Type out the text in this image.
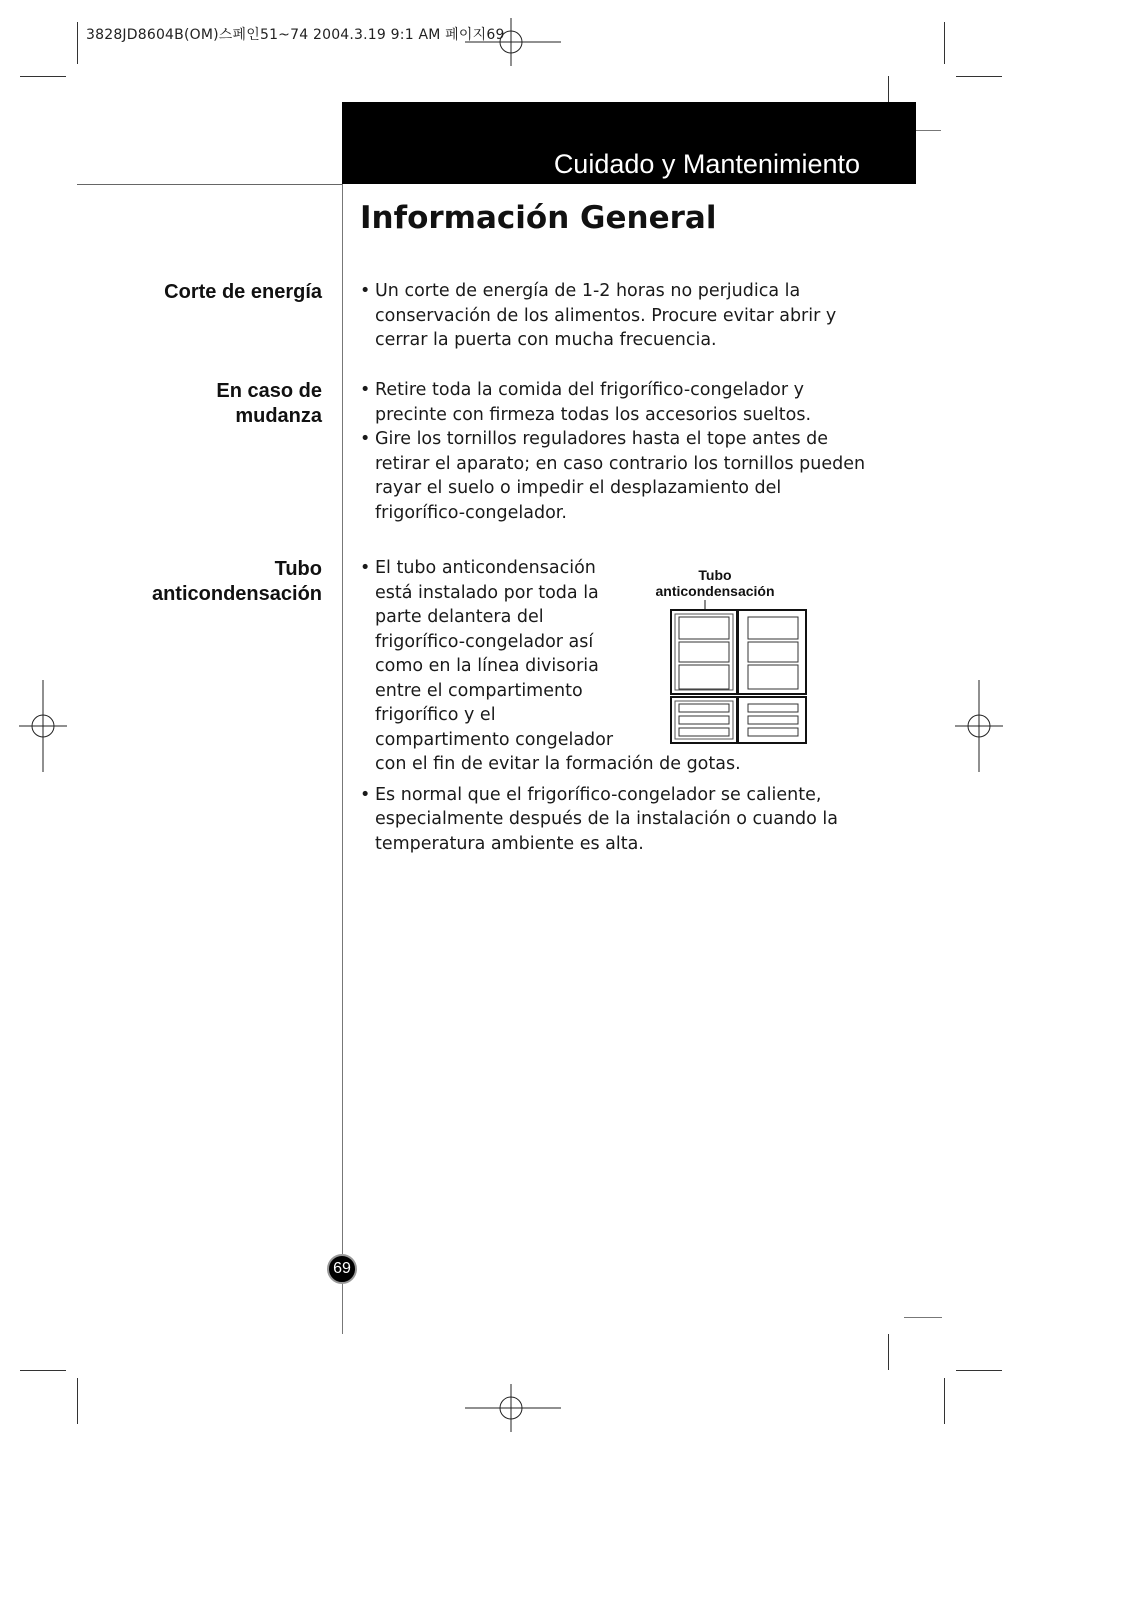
3828JD8604B(OM)스페인51~74 2004.3.19 9:1 AM 페이지69
Cuidado y Mantenimiento
Información General
Corte de energía
•	Un corte de energía de 1-2 horas no perjudica la
conservación de los alimentos. Procure evitar abrir y
cerrar la puerta con mucha frecuencia.
En caso de
mudanza
• Retire toda la comida del frigorífico-congelador y
precinte con firmeza todas los accesorios sueltos.
• Gire los tornillos reguladores hasta el tope antes de
retirar el aparato; en caso contrario los tornillos pueden
rayar el suelo o impedir el desplazamiento del
frigorífico-congelador.
Tubo
anticondensación
• El tubo anticondensación
está instalado por toda la
parte delantera del
frigorífico-congelador así
como en la línea divisoria
entre el compartimento
frigorífico y el
compartimento congelador
con el fin de evitar la formación de gotas.
• Es normal que el frigorífico-congelador se caliente,
especialmente después de la instalación o cuando la
temperatura ambiente es alta.
Tubo
anticondensación
69
